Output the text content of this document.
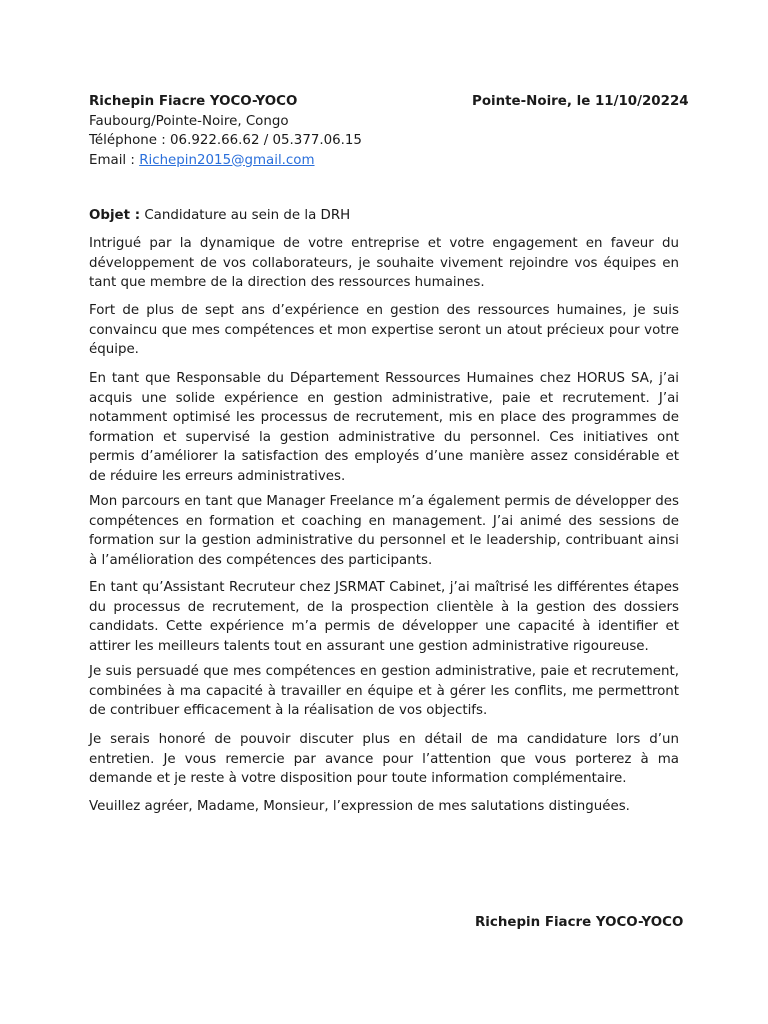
Richepin Fiacre YOCO-YOCO
Faubourg/Pointe-Noire, Congo
Téléphone : 06.922.66.62 / 05.377.06.15
Email : Richepin2015@gmail.com
Pointe-Noire, le 11/10/20224
Objet : Candidature au sein de la DRH

Intrigué par la dynamique de votre entreprise et votre engagement en faveur du développement de vos collaborateurs, je souhaite vivement rejoindre vos équipes en tant que membre de la direction des ressources humaines.

Fort de plus de sept ans d’expérience en gestion des ressources humaines, je suis convaincu que mes compétences et mon expertise seront un atout précieux pour votre équipe.

En tant que Responsable du Département Ressources Humaines chez HORUS SA, j’ai acquis une solide expérience en gestion administrative, paie et recrutement. J’ai notamment optimisé les processus de recrutement, mis en place des programmes de formation et supervisé la gestion administrative du personnel. Ces initiatives ont permis d’améliorer la satisfaction des employés d’une manière assez considérable et de réduire les erreurs administratives.

Mon parcours en tant que Manager Freelance m’a également permis de développer des compétences en formation et coaching en management. J’ai animé des sessions de formation sur la gestion administrative du personnel et le leadership, contribuant ainsi à l’amélioration des compétences des participants.

En tant qu’Assistant Recruteur chez JSRMAT Cabinet, j’ai maîtrisé les différentes étapes du processus de recrutement, de la prospection clientèle à la gestion des dossiers candidats. Cette expérience m’a permis de développer une capacité à identifier et attirer les meilleurs talents tout en assurant une gestion administrative rigoureuse.

Je suis persuadé que mes compétences en gestion administrative, paie et recrutement, combinées à ma capacité à travailler en équipe et à gérer les conflits, me permettront de contribuer efficacement à la réalisation de vos objectifs.

Je serais honoré de pouvoir discuter plus en détail de ma candidature lors d’un entretien. Je vous remercie par avance pour l’attention que vous porterez à ma demande et je reste à votre disposition pour toute information complémentaire.

Veuillez agréer, Madame, Monsieur, l’expression de mes salutations distinguées.

Richepin Fiacre YOCO-YOCO
